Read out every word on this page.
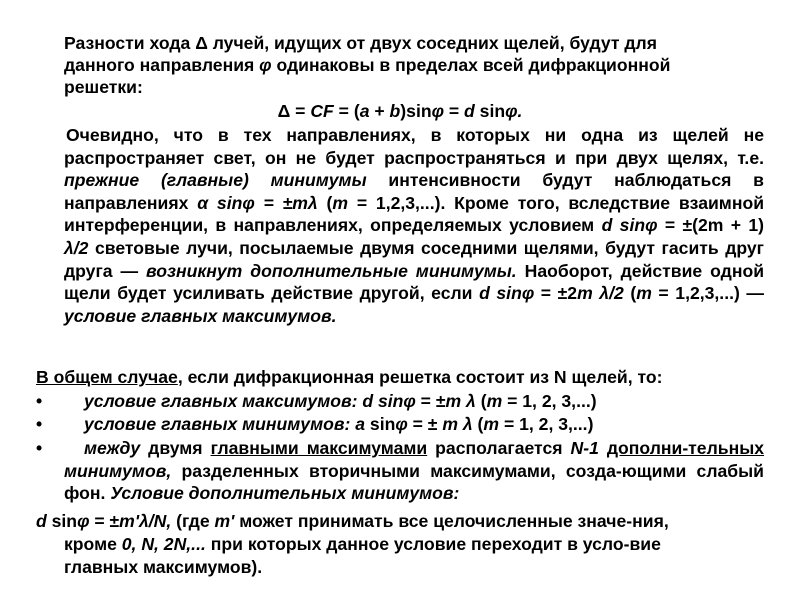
Разности хода Δ лучей, идущих от двух соседних щелей, будут для
данного направления φ одинаковы в пределах всей дифракционной
решетки:
Δ = CF = (a + b)sinφ = d sinφ.
Очевидно, что в тех направлениях, в которых ни одна из щелей не распространяет свет, он не будет распространяться и при двух щелях, т.е. прежние (главные) минимумы интенсивности будут наблюдаться в направлениях α sinφ = ±mλ (m = 1,2,3,...). Кроме того, вследствие взаимной интерференции, в направлениях, определяемых условием d sinφ = ±(2m + 1) λ/2 световые лучи, посылаемые двумя соседними щелями, будут гасить друг друга — возникнут дополнительные минимумы. Наоборот, действие одной щели будет усиливать действие другой, если d sinφ = ±2m λ/2 (m = 1,2,3,...) — условие главных максимумов.
В общем случае, если дифракционная решетка состоит из N щелей, то:
• условие главных максимумов: d sinφ = ±m λ (m = 1, 2, 3,...)
• условие главных минимумов: a sinφ = ± m λ (m = 1, 2, 3,...)
•	между двумя главными максимумами располагается N-1 дополни-тельных минимумов, разделенных вторичными максимумами, созда-ющими слабый фон. Условие дополнительных минимумов:
d sinφ = ±m'λ/N, (где m' может принимать все целочисленные значе-ния,
кроме 0, N, 2N,... при которых данное условие переходит в усло-вие
главных максимумов).
